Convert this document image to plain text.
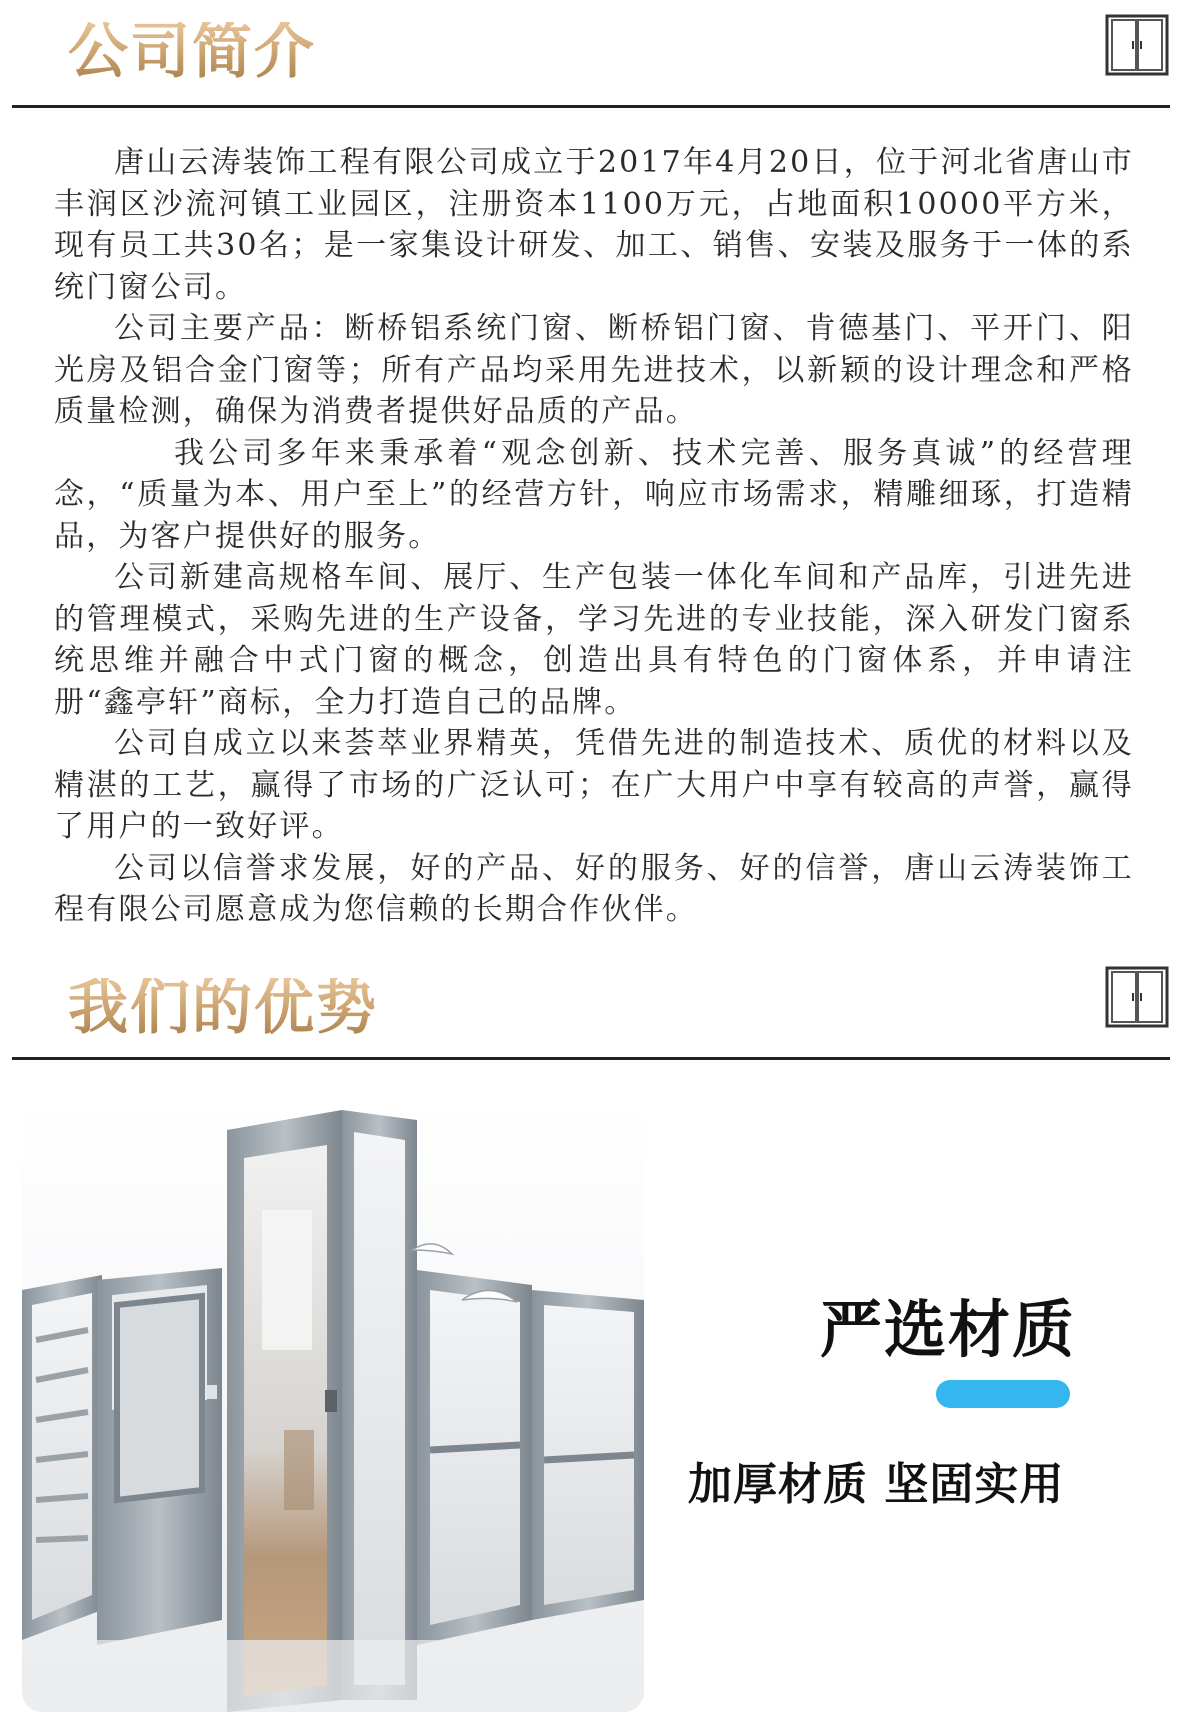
公司简介

唐山云涛装饰工程有限公司成立于2017年4月20日，位于河北省唐山市丰润区沙流河镇工业园区，注册资本1100万元，占地面积10000平方米，现有员工共30名；是一家集设计研发、加工、销售、安装及服务于一体的系统门窗公司。

公司主要产品：断桥铝系统门窗、断桥铝门窗、肯德基门、平开门、阳光房及铝合金门窗等；所有产品均采用先进技术，以新颖的设计理念和严格质量检测，确保为消费者提供好品质的产品。

我公司多年来秉承着“观念创新、技术完善、服务真诚”的经营理念，“质量为本、用户至上”的经营方针，响应市场需求，精雕细琢，打造精品，为客户提供好的服务。

公司新建高规格车间、展厅、生产包装一体化车间和产品库，引进先进的管理模式，采购先进的生产设备，学习先进的专业技能，深入研发门窗系统思维并融合中式门窗的概念，创造出具有特色的门窗体系，并申请注册“鑫亭轩”商标，全力打造自己的品牌。

公司自成立以来荟萃业界精英，凭借先进的制造技术、质优的材料以及精湛的工艺，赢得了市场的广泛认可；在广大用户中享有较高的声誉，赢得了用户的一致好评。

公司以信誉求发展，好的产品、好的服务、好的信誉，唐山云涛装饰工程有限公司愿意成为您信赖的长期合作伙伴。

我们的优势
严选材质
加厚材质 坚固实用
